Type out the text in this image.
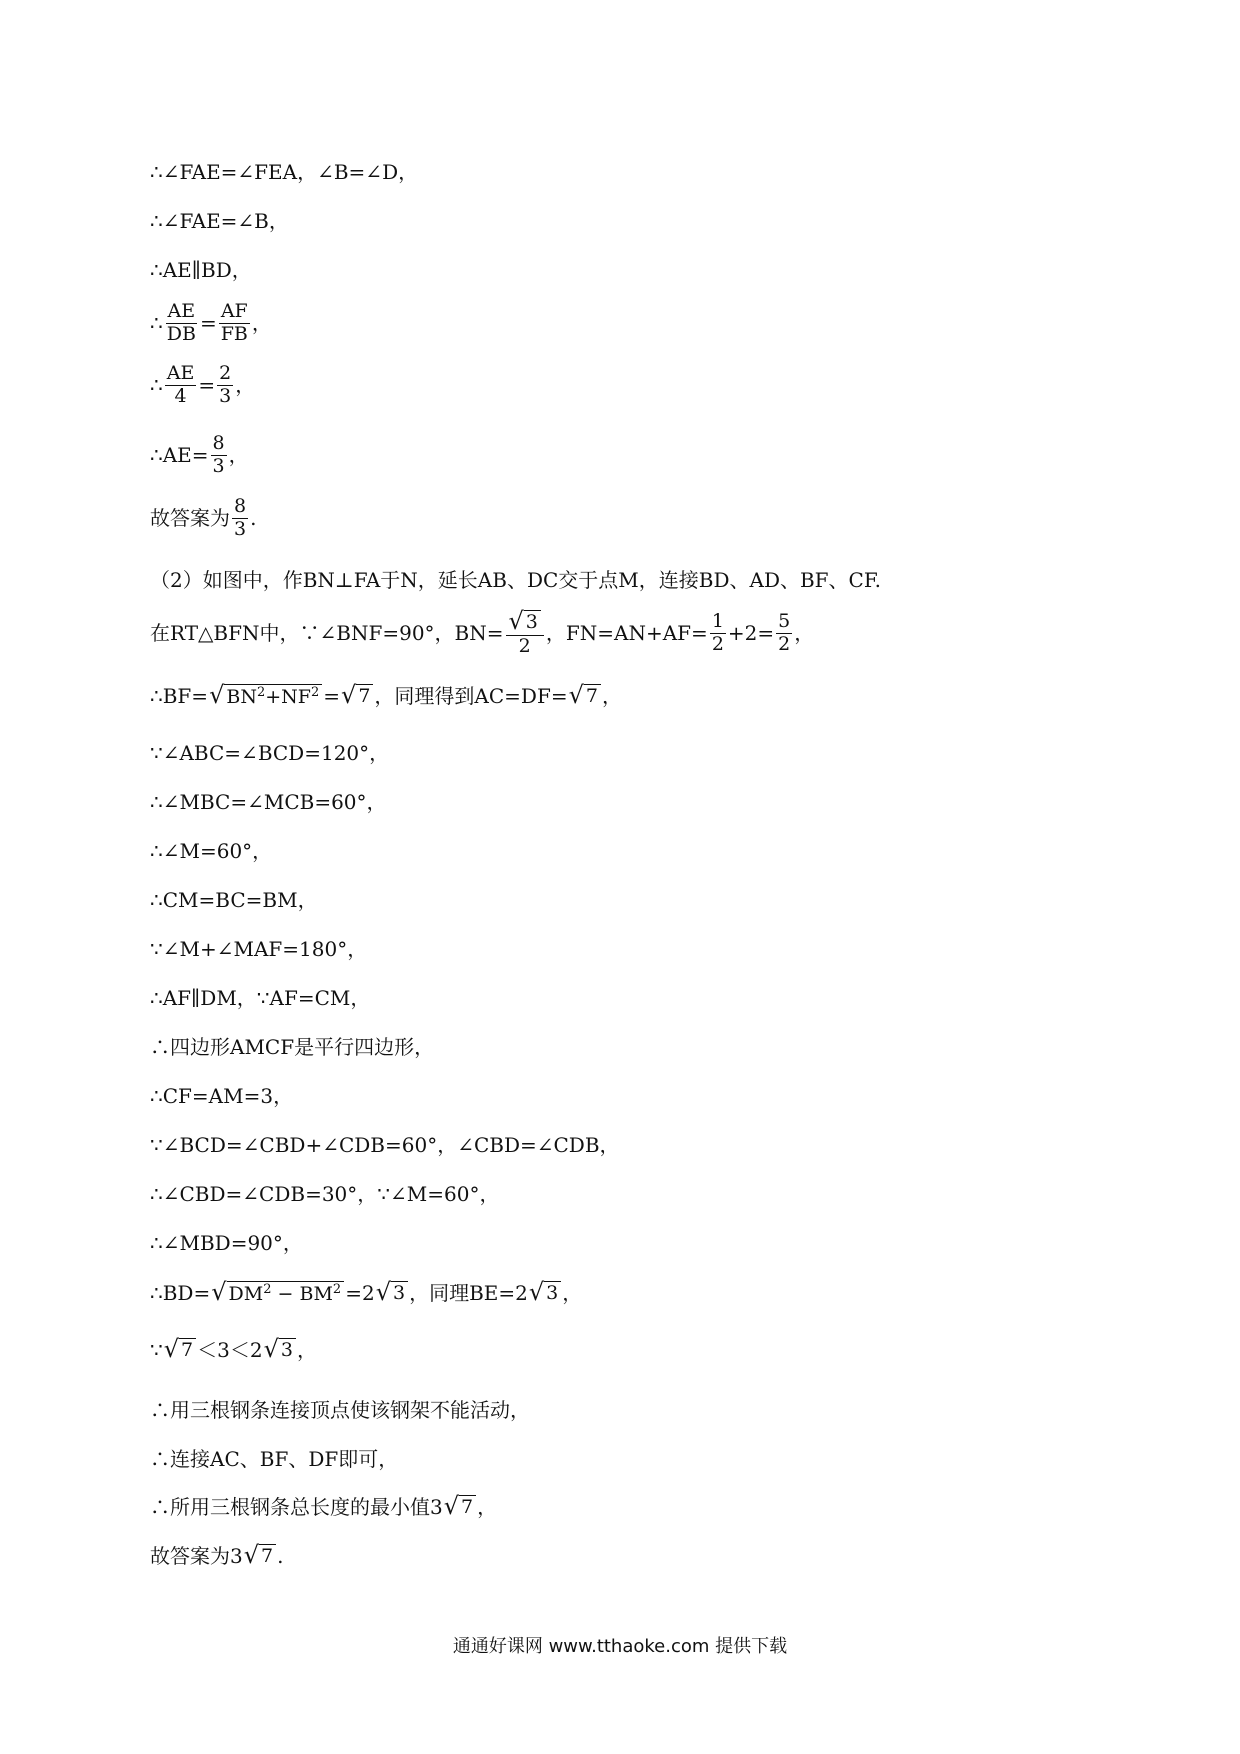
∴∠FAE=∠FEA，∠B=∠D，
∴∠FAE=∠B，
∴AE∥BD，
∴ $\frac{AE}{DB} = \frac{AF}{FB}$ ，
∴ $\frac{AE}{4} = \frac{2}{3}$ ，
∴AE= $\frac{8}{3}$ ，
故答案为 $\frac{8}{3}$ .
（2）如图中，作BN⊥FA于N，延长AB、DC交于点M，连接BD、AD、BF、CF.
在RT△BFN中，∵∠BNF=90°，$BN= \frac{√ 3}{2}$ ，$FN=AN+AF= \frac{1}{2} +2= \frac{5}{2}$ ，
∴BF= √ $BN^2+NF^2$ = √ 7 ，同理得到AC=DF= √ 7 ，
∵∠ABC=∠BCD=120°，
∴∠MBC=∠MCB=60°，
∴∠M=60°，
∴CM=BC=BM，
∵∠M+∠MAF=180°，
∴AF∥DM，∵AF=CM，
∴四边形AMCF是平行四边形，
∴CF=AM=3，
∵∠BCD=∠CBD+∠CDB=60°，∠CBD=∠CDB，
∴∠CBD=∠CDB=30°，∵∠M=60°，
∴∠MBD=90°，
∴BD= √ $DM^2 - BM^2 =2$ √ 3 ，同理BE=2 √ 3 ，
∵ √ 7 ＜3＜2 √ 3 ，
∴用三根钢条连接顶点使该钢架不能活动，
∴连接AC、BF、DF即可，
∴所用三根钢条总长度的最小值3 √ 7 ，
故答案为3 √ 7 .
通通好课网 www.tthaoke.com 提供下载
